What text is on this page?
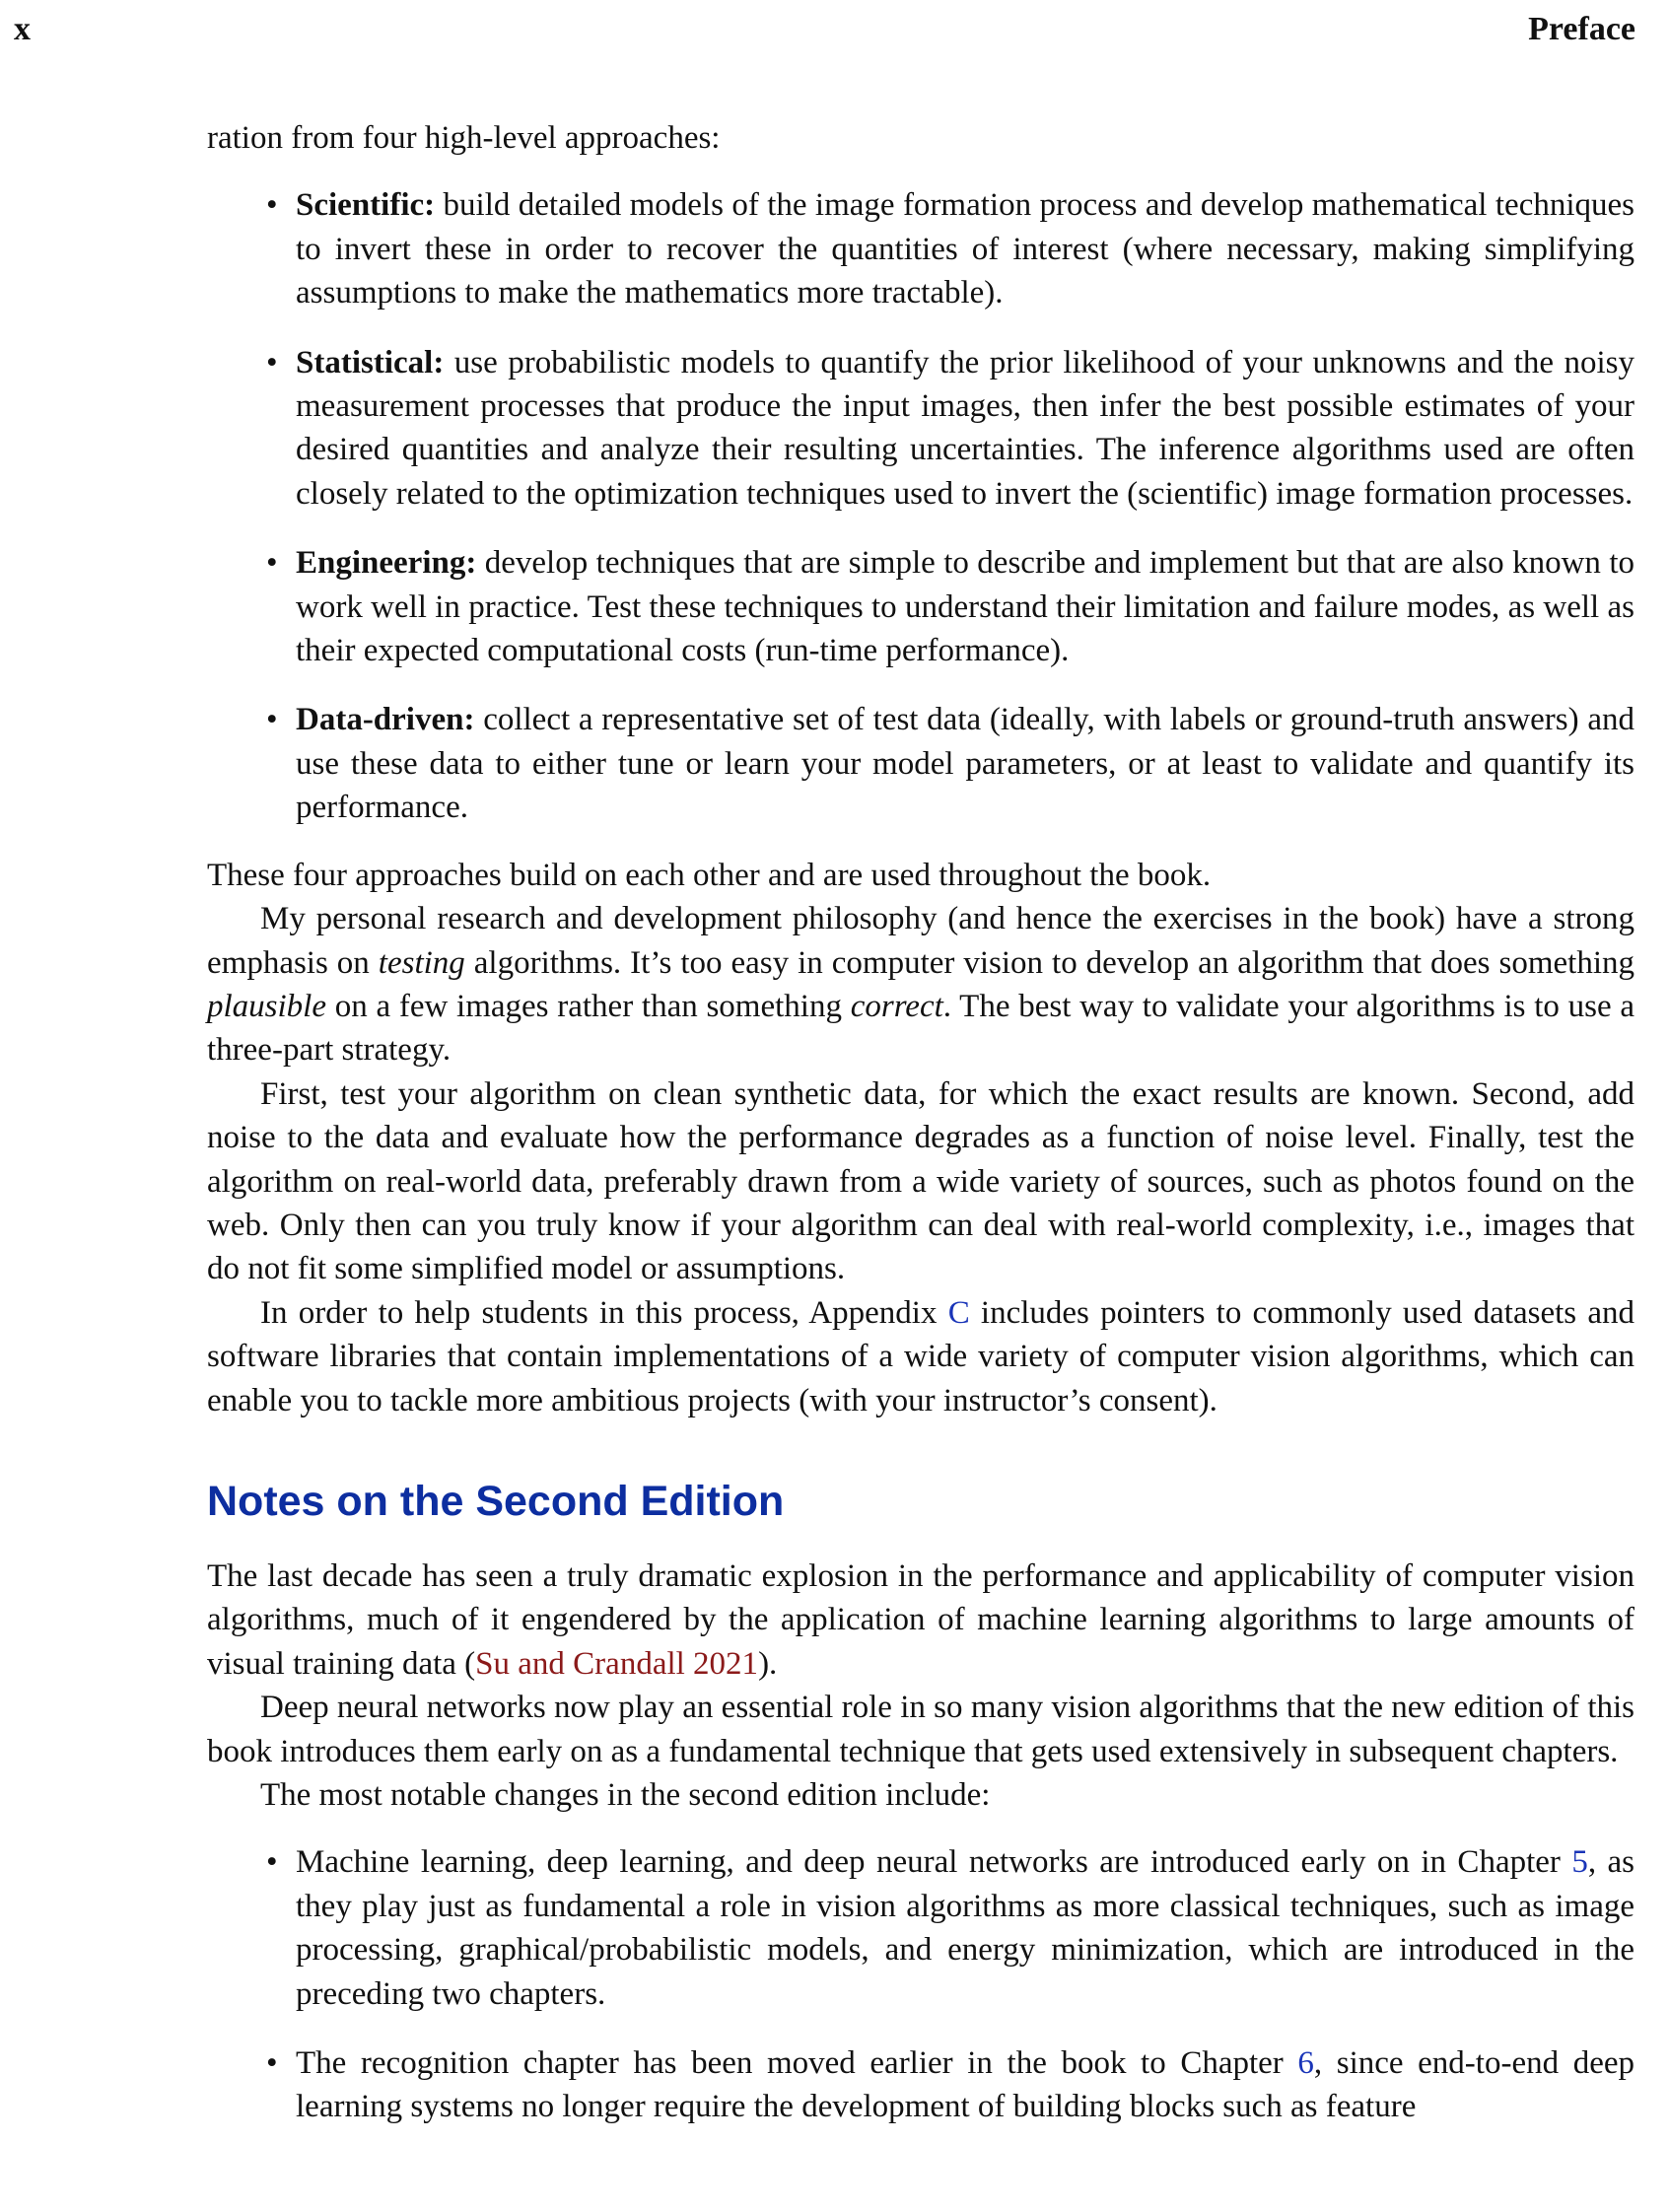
x	Preface

ration from four high-level approaches:

• Scientific: build detailed models of the image formation process and develop mathematical techniques to invert these in order to recover the quantities of interest (where necessary, making simplifying assumptions to make the mathematics more tractable).
• Statistical: use probabilistic models to quantify the prior likelihood of your unknowns and the noisy measurement processes that produce the input images, then infer the best possible estimates of your desired quantities and analyze their resulting uncertainties. The inference algorithms used are often closely related to the optimization techniques used to invert the (scientific) image formation processes.
• Engineering: develop techniques that are simple to describe and implement but that are also known to work well in practice. Test these techniques to understand their limitation and failure modes, as well as their expected computational costs (run-time performance).
• Data-driven: collect a representative set of test data (ideally, with labels or ground-truth answers) and use these data to either tune or learn your model parameters, or at least to validate and quantify its performance.

These four approaches build on each other and are used throughout the book.

My personal research and development philosophy (and hence the exercises in the book) have a strong emphasis on testing algorithms. It’s too easy in computer vision to develop an algorithm that does something plausible on a few images rather than something correct. The best way to validate your algorithms is to use a three-part strategy.

First, test your algorithm on clean synthetic data, for which the exact results are known. Second, add noise to the data and evaluate how the performance degrades as a function of noise level. Finally, test the algorithm on real-world data, preferably drawn from a wide variety of sources, such as photos found on the web. Only then can you truly know if your algorithm can deal with real-world complexity, i.e., images that do not fit some simplified model or assumptions.

In order to help students in this process, Appendix C includes pointers to commonly used datasets and software libraries that contain implementations of a wide variety of computer vision algorithms, which can enable you to tackle more ambitious projects (with your instructor’s consent).

Notes on the Second Edition

The last decade has seen a truly dramatic explosion in the performance and applicability of computer vision algorithms, much of it engendered by the application of machine learning algorithms to large amounts of visual training data (Su and Crandall 2021).

Deep neural networks now play an essential role in so many vision algorithms that the new edition of this book introduces them early on as a fundamental technique that gets used extensively in subsequent chapters.

The most notable changes in the second edition include:

• Machine learning, deep learning, and deep neural networks are introduced early on in Chapter 5, as they play just as fundamental a role in vision algorithms as more classical techniques, such as image processing, graphical/probabilistic models, and energy minimization, which are introduced in the preceding two chapters.
• The recognition chapter has been moved earlier in the book to Chapter 6, since end-to-end deep learning systems no longer require the development of building blocks such as feature
